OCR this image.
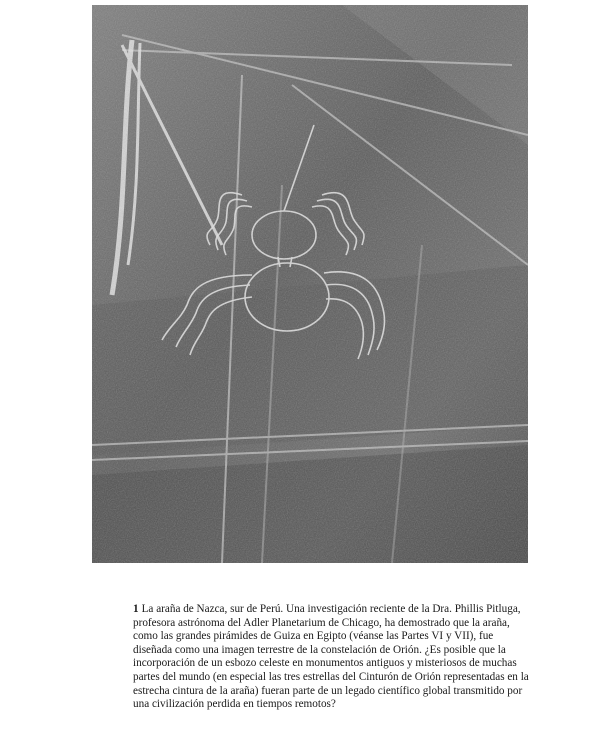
1 La araña de Nazca, sur de Perú. Una investigación reciente de la Dra. Phillis Pitluga, profesora astrónoma del Adler Planetarium de Chicago, ha demostrado que la araña, como las grandes pirámides de Guiza en Egipto (véanse las Partes VI y VII), fue diseñada como una imagen terrestre de la constelación de Orión. ¿Es posible que la incorporación de un esbozo celeste en monumentos antiguos y misteriosos de muchas partes del mundo (en especial las tres estrellas del Cinturón de Orión representadas en la estrecha cintura de la araña) fueran parte de un legado científico global transmitido por una civilización perdida en tiempos remotos?
